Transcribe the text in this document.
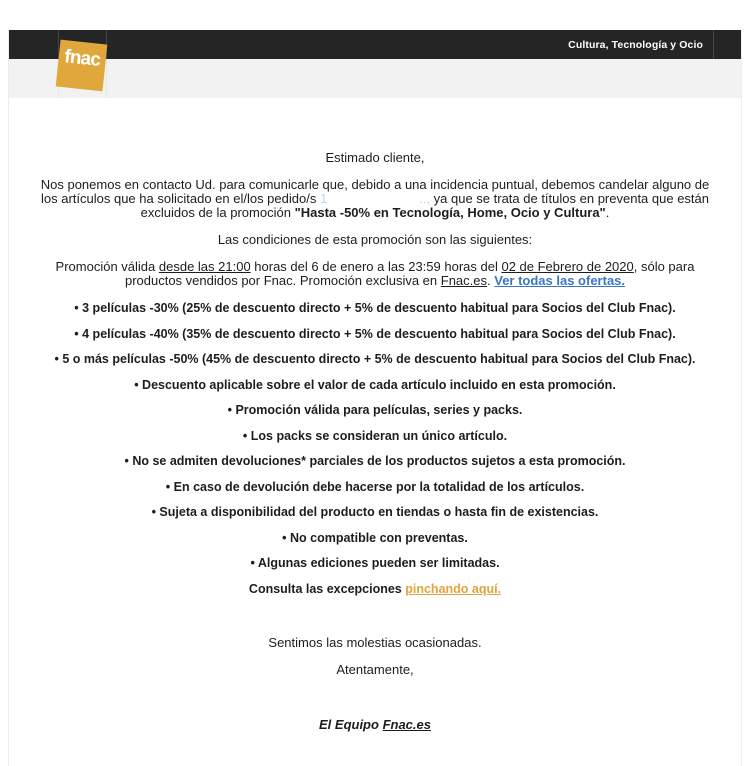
Cultura, Tecnología y Ocio
fnac

Estimado cliente,

Nos ponemos en contacto Ud. para comunicarle que, debido a una incidencia puntual, debemos candelar alguno de
los artículos que ha solicitado en el/los pedido/s 1	.., ya que se trata de títulos en preventa que están
excluidos de la promoción "Hasta -50% en Tecnología, Home, Ocio y Cultura".

Las condiciones de esta promoción son las siguientes:

Promoción válida desde las 21:00 horas del 6 de enero a las 23:59 horas del 02 de Febrero de 2020, sólo para
productos vendidos por Fnac. Promoción exclusiva en Fnac.es. Ver todas las ofertas.

• 3 películas -30% (25% de descuento directo + 5% de descuento habitual para Socios del Club Fnac).

• 4 películas -40% (35% de descuento directo + 5% de descuento habitual para Socios del Club Fnac).

• 5 o más películas -50% (45% de descuento directo + 5% de descuento habitual para Socios del Club Fnac).

• Descuento aplicable sobre el valor de cada artículo incluido en esta promoción.

• Promoción válida para películas, series y packs.

• Los packs se consideran un único artículo.

• No se admiten devoluciones* parciales de los productos sujetos a esta promoción.

• En caso de devolución debe hacerse por la totalidad de los artículos.

• Sujeta a disponibilidad del producto en tiendas o hasta fin de existencias.

• No compatible con preventas.

• Algunas ediciones pueden ser limitadas.

Consulta las excepciones pinchando aquí.

Sentimos las molestias ocasionadas.

Atentamente,

El Equipo Fnac.es
